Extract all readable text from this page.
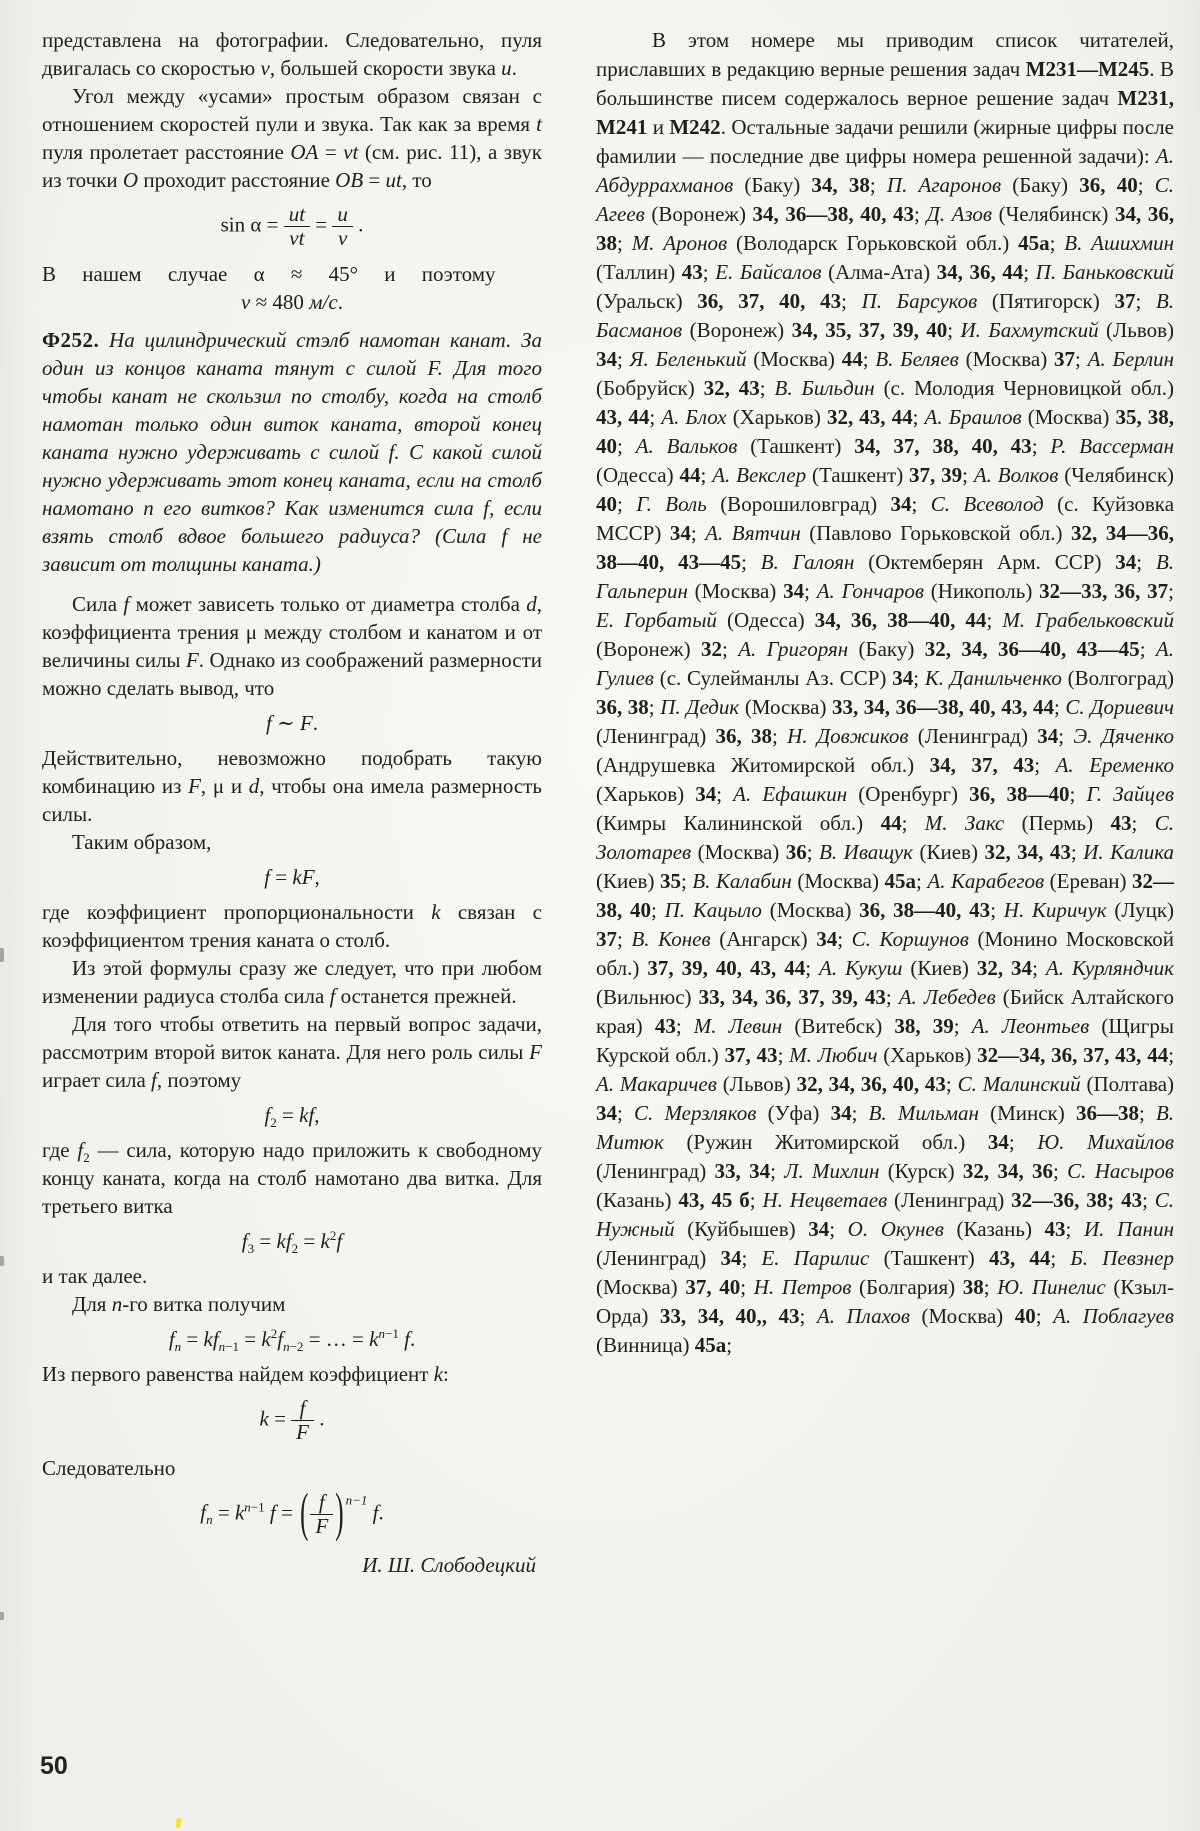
представлена на фотографии. Следовательно, пуля двигалась со скоростью v, большей скорости звука u.

Угол между «усами» простым образом связан с отношением скоростей пули и звука. Так как за время t пуля пролетает расстояние OA = vt (см. рис. 11), а звук из точки O проходит расстояние OB = ut, то

$\sin \alpha = \frac{ut}{vt} = \frac{u}{v}$ .

В нашем случае α ≈ 45° и поэтому

v ≈ 480 м/с.

Ф252. На цилиндрический стэлб намотан канат. За один из концов каната тянут с силой F. Для того чтобы канат не скользил по столбу, когда на столб намотан только один виток каната, второй конец каната нужно удерживать с силой f. С какой силой нужно удерживать этот конец каната, если на столб намотано n его витков? Как изменится сила f, если взять столб вдвое большего радиуса? (Сила f не зависит от толщины каната.)

Сила f может зависеть только от диаметра столба d, коэффициента трения μ между столбом и канатом и от величины силы F. Однако из соображений размерности можно сделать вывод, что

f ∼ F.

Действительно, невозможно подобрать такую комбинацию из F, μ и d, чтобы она имела размерность силы.

Таким образом,

f = kF,

где коэффициент пропорциональности k связан с коэффициентом трения каната о столб.

Из этой формулы сразу же следует, что при любом изменении радиуса столба сила f останется прежней.

Для того чтобы ответить на первый вопрос задачи, рассмотрим второй виток каната. Для него роль силы F играет сила f, поэтому

$f_2$ = kf,

где $f_2$ — сила, которую надо приложить к свободному концу каната, когда на столб намотано два витка. Для третьего витка

$f_3 = kf_2 = k^2f$

и так далее.

Для n-го витка получим

$f_n = kf_{n-1} = k^2f_{n-2}$ = … = $k^{n-1}$ f.

Из первого равенства найдем коэффициент k:

$k = \frac{f}{F}$ .

Следовательно

$f_n = k^{n-1}$ f = ( $\frac{f}{F}$ ) $^{n-1}$ f.

И. Ш. Слободецкий

В этом номере мы приводим список читателей, приславших в редакцию верные решения задач М231—М245. В большинстве писем содержалось верное решение задач М231, М241 и М242. Остальные задачи решили (жирные цифры после фамилии — последние две цифры номера решенной задачи): А. Абдуррахманов (Баку) 34, 38; П. Агаронов (Баку) 36, 40; С. Агеев (Воронеж) 34, 36—38, 40, 43; Д. Азов (Челябинск) 34, 36, 38; М. Аронов (Володарск Горьковской обл.) 45а; В. Ашихмин (Таллин) 43; Е. Байсалов (Алма-Ата) 34, 36, 44; П. Баньковский (Уральск) 36, 37, 40, 43; П. Барсуков (Пятигорск) 37; В. Басманов (Воронеж) 34, 35, 37, 39, 40; И. Бахмутский (Львов) 34; Я. Беленький (Москва) 44; В. Беляев (Москва) 37; А. Берлин (Бобруйск) 32, 43; В. Бильдин (с. Молодия Черновицкой обл.) 43, 44; А. Блох (Харьков) 32, 43, 44; А. Браилов (Москва) 35, 38, 40; А. Вальков (Ташкент) 34, 37, 38, 40, 43; Р. Вассерман (Одесса) 44; А. Векслер (Ташкент) 37, 39; А. Волков (Челябинск) 40; Г. Воль (Ворошиловград) 34; С. Всеволод (с. Куйзовка МССР) 34; А. Вятчин (Павлово Горьковской обл.) 32, 34—36, 38—40, 43—45; В. Галоян (Октемберян Арм. ССР) 34; В. Гальперин (Москва) 34; А. Гончаров (Никополь) 32—33, 36, 37; Е. Горбатый (Одесса) 34, 36, 38—40, 44; М. Грабельковский (Воронеж) 32; А. Григорян (Баку) 32, 34, 36—40, 43—45; А. Гулиев (с. Сулейманлы Аз. ССР) 34; К. Данильченко (Волгоград) 36, 38; П. Дедик (Москва) 33, 34, 36—38, 40, 43, 44; С. Дориевич (Ленинград) 36, 38; Н. Довжиков (Ленинград) 34; Э. Дяченко (Андрушевка Житомирской обл.) 34, 37, 43; А. Еременко (Харьков) 34; А. Ефашкин (Оренбург) 36, 38—40; Г. Зайцев (Кимры Калининской обл.) 44; М. Закс (Пермь) 43; С. Золотарев (Москва) 36; В. Иващук (Киев) 32, 34, 43; И. Калика (Киев) 35; В. Калабин (Москва) 45а; А. Карабегов (Ереван) 32—38, 40; П. Кацыло (Москва) 36, 38—40, 43; Н. Киричук (Луцк) 37; В. Конев (Ангарск) 34; С. Коршунов (Монино Московской обл.) 37, 39, 40, 43, 44; А. Кукуш (Киев) 32, 34; А. Курляндчик (Вильнюс) 33, 34, 36, 37, 39, 43; А. Лебедев (Бийск Алтайского края) 43; М. Левин (Витебск) 38, 39; А. Леонтьев (Щигры Курской обл.) 37, 43; М. Любич (Харьков) 32—34, 36, 37, 43, 44; А. Макаричев (Львов) 32, 34, 36, 40, 43; С. Малинский (Полтава) 34; С. Мерзляков (Уфа) 34; В. Мильман (Минск) 36—38; В. Митюк (Ружин Житомирской обл.) 34; Ю. Михайлов (Ленинград) 33, 34; Л. Михлин (Курск) 32, 34, 36; С. Насыров (Казань) 43, 45 б; Н. Нецветаев (Ленинград) 32—36, 38; 43; С. Нужный (Куйбышев) 34; О. Окунев (Казань) 43; И. Панин (Ленинград) 34; Е. Парилис (Ташкент) 43, 44; Б. Певзнер (Москва) 37, 40; Н. Петров (Болгария) 38; Ю. Пинелис (Кзыл-Орда) 33, 34, 40,, 43; А. Плахов (Москва) 40; А. Поблагуев (Винница) 45а;

50
